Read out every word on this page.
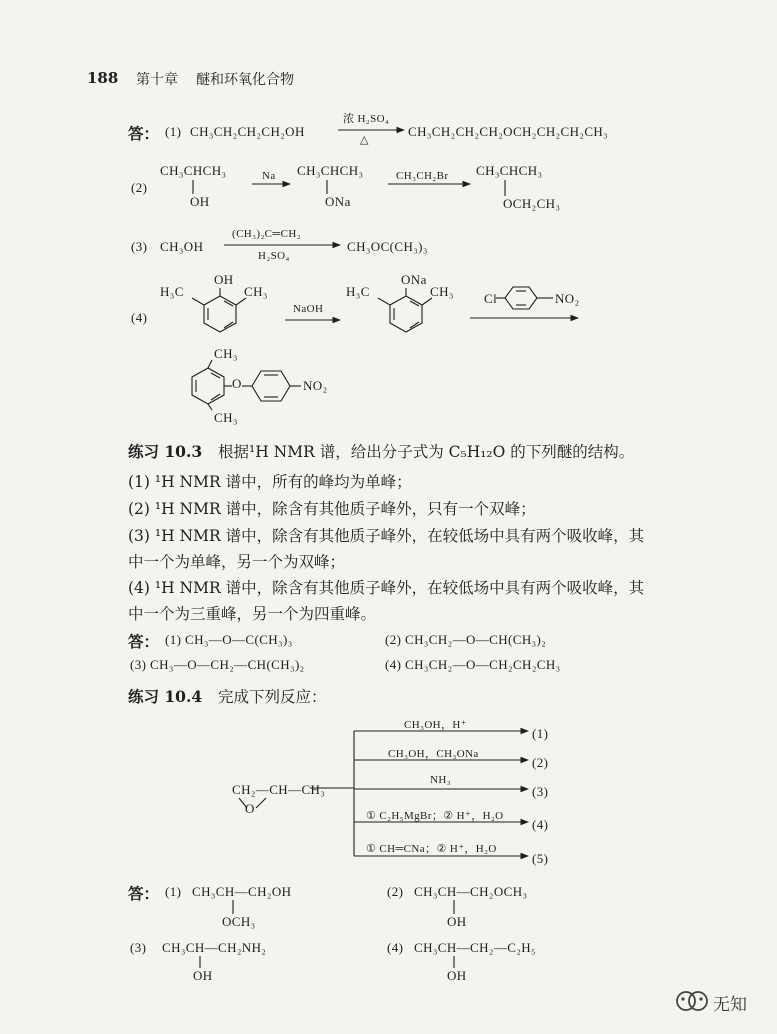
188 第十章 醚和环氧化合物
答： (1) CH₃CH₂CH₂CH₂OH
浓 H₂SO₄
△
CH₃CH₂CH₂CH₂OCH₂CH₂CH₂CH₃
(2)
CH₃CHCH₃
OH
Na CH₃CHCH₃
ONa
CH₃CH₂Br CH₃CHCH₃
OCH₂CH₃
(3) CH₃OH
(CH₃)₂C═CH₂
H₂SO₄
CH₃OC(CH₃)₃
(4)
OH
H₃C	CH₃
NaOH
ONa
H₃C	CH₃ Cl	NO₂
CH₃
CH₃
O	NO₂
练习 10.3 根据¹H NMR 谱，给出分子式为 C₅H₁₂O 的下列醚的结构。
(1) ¹H NMR 谱中，所有的峰均为单峰；
(2) ¹H NMR 谱中，除含有其他质子峰外，只有一个双峰；
(3) ¹H NMR 谱中，除含有其他质子峰外，在较低场中具有两个吸收峰，其
中一个为单峰，另一个为双峰；
(4) ¹H NMR 谱中，除含有其他质子峰外，在较低场中具有两个吸收峰，其
中一个为三重峰，另一个为四重峰。
答： (1) CH₃—O—C(CH₃)₃	(2) CH₃CH₂—O—CH(CH₃)₂
(3) CH₃—O—CH₂—CH(CH₃)₂	(4) CH₃CH₂—O—CH₂CH₂CH₃
练习 10.4 完成下列反应：
CH₂—CH—CH₃
O
CH₃OH，H⁺
CH₃OH，CH₃ONa
NH₃
① C₂H₅MgBr；② H⁺，H₂O
① CH═CNa；② H⁺，H₂O
(1)
(2)
(3)
(4)
(5)
答： (1) CH₃CH—CH₂OH
OCH₃
(2) CH₃CH—CH₂OCH₃
OH
(3) CH₃CH—CH₂NH₂
OH
(4) CH₃CH—CH₂—C₂H₅
OH
无知
